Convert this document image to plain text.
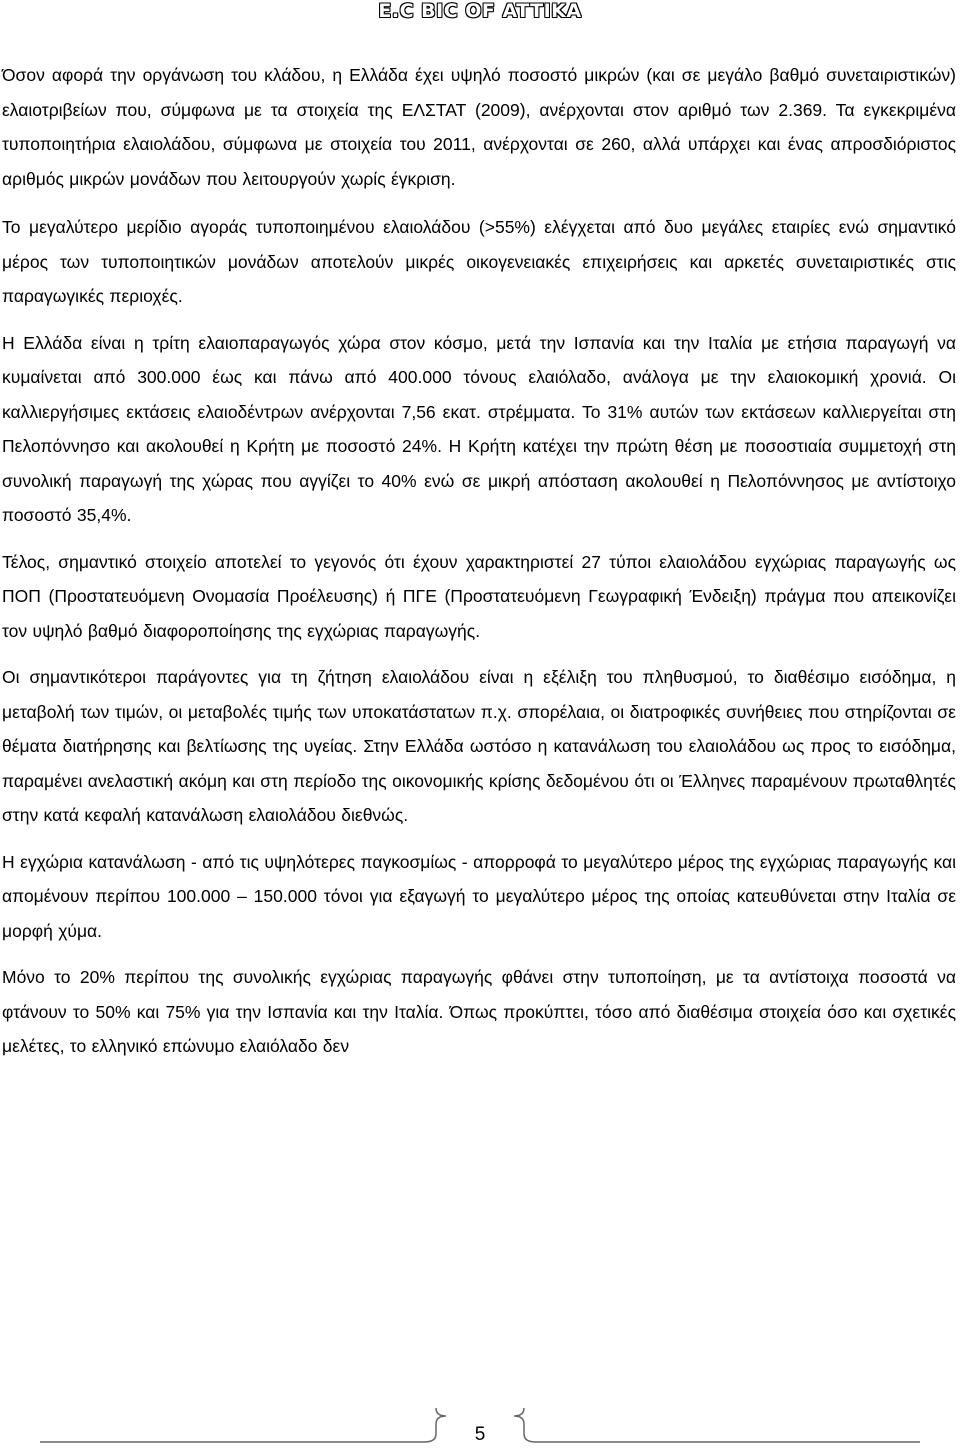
E.C BIC OF ATTIKA

Όσον αφορά την οργάνωση του κλάδου, η Ελλάδα έχει υψηλό ποσοστό μικρών (και σε μεγάλο βαθμό συνεταιριστικών) ελαιοτριβείων που, σύμφωνα με τα στοιχεία της ΕΛΣΤΑΤ (2009), ανέρχονται στον αριθμό των 2.369. Τα εγκεκριμένα τυποποιητήρια ελαιολάδου, σύμφωνα με στοιχεία του 2011, ανέρχονται σε 260, αλλά υπάρχει και ένας απροσδιόριστος αριθμός μικρών μονάδων που λειτουργούν χωρίς έγκριση.

Το μεγαλύτερο μερίδιο αγοράς τυποποιημένου ελαιολάδου (>55%) ελέγχεται από δυο μεγάλες εταιρίες ενώ σημαντικό μέρος των τυποποιητικών μονάδων αποτελούν μικρές οικογενειακές επιχειρήσεις και αρκετές συνεταιριστικές στις παραγωγικές περιοχές.

Η Ελλάδα είναι η τρίτη ελαιοπαραγωγός χώρα στον κόσμο, μετά την Ισπανία και την Ιταλία με ετήσια παραγωγή να κυμαίνεται από 300.000 έως και πάνω από 400.000 τόνους ελαιόλαδο, ανάλογα με την ελαιοκομική χρονιά. Οι καλλιεργήσιμες εκτάσεις ελαιοδέντρων ανέρχονται 7,56 εκατ. στρέμματα. Το 31% αυτών των εκτάσεων καλλιεργείται στη Πελοπόννησο και ακολουθεί η Κρήτη με ποσοστό 24%. Η Κρήτη κατέχει την πρώτη θέση με ποσοστιαία συμμετοχή στη συνολική παραγωγή της χώρας που αγγίζει το 40% ενώ σε μικρή απόσταση ακολουθεί η Πελοπόννησος με αντίστοιχο ποσοστό 35,4%.

Τέλος, σημαντικό στοιχείο αποτελεί το γεγονός ότι έχουν χαρακτηριστεί 27 τύποι ελαιολάδου εγχώριας παραγωγής ως ΠΟΠ (Προστατευόμενη Ονομασία Προέλευσης) ή ΠΓΕ (Προστατευόμενη Γεωγραφική Ένδειξη) πράγμα που απεικονίζει τον υψηλό βαθμό διαφοροποίησης της εγχώριας παραγωγής.

Οι σημαντικότεροι παράγοντες για τη ζήτηση ελαιολάδου είναι η εξέλιξη του πληθυσμού, το διαθέσιμο εισόδημα, η μεταβολή των τιμών, οι μεταβολές τιμής των υποκατάστατων π.χ. σπορέλαια, οι διατροφικές συνήθειες που στηρίζονται σε θέματα διατήρησης και βελτίωσης της υγείας. Στην Ελλάδα ωστόσο η κατανάλωση του ελαιολάδου ως προς το εισόδημα, παραμένει ανελαστική ακόμη και στη περίοδο της οικονομικής κρίσης δεδομένου ότι οι Έλληνες παραμένουν πρωταθλητές στην κατά κεφαλή κατανάλωση ελαιολάδου διεθνώς.

Η εγχώρια κατανάλωση - από τις υψηλότερες παγκοσμίως - απορροφά το μεγαλύτερο μέρος της εγχώριας παραγωγής και απομένουν περίπου 100.000 – 150.000 τόνοι για εξαγωγή το μεγαλύτερο μέρος της οποίας κατευθύνεται στην Ιταλία σε μορφή χύμα.

Μόνο το 20% περίπου της συνολικής εγχώριας παραγωγής φθάνει στην τυποποίηση, με τα αντίστοιχα ποσοστά να φτάνουν το 50% και 75% για την Ισπανία και την Ιταλία. Όπως προκύπτει, τόσο από διαθέσιμα στοιχεία όσο και σχετικές μελέτες, το ελληνικό επώνυμο ελαιόλαδο δεν

5
